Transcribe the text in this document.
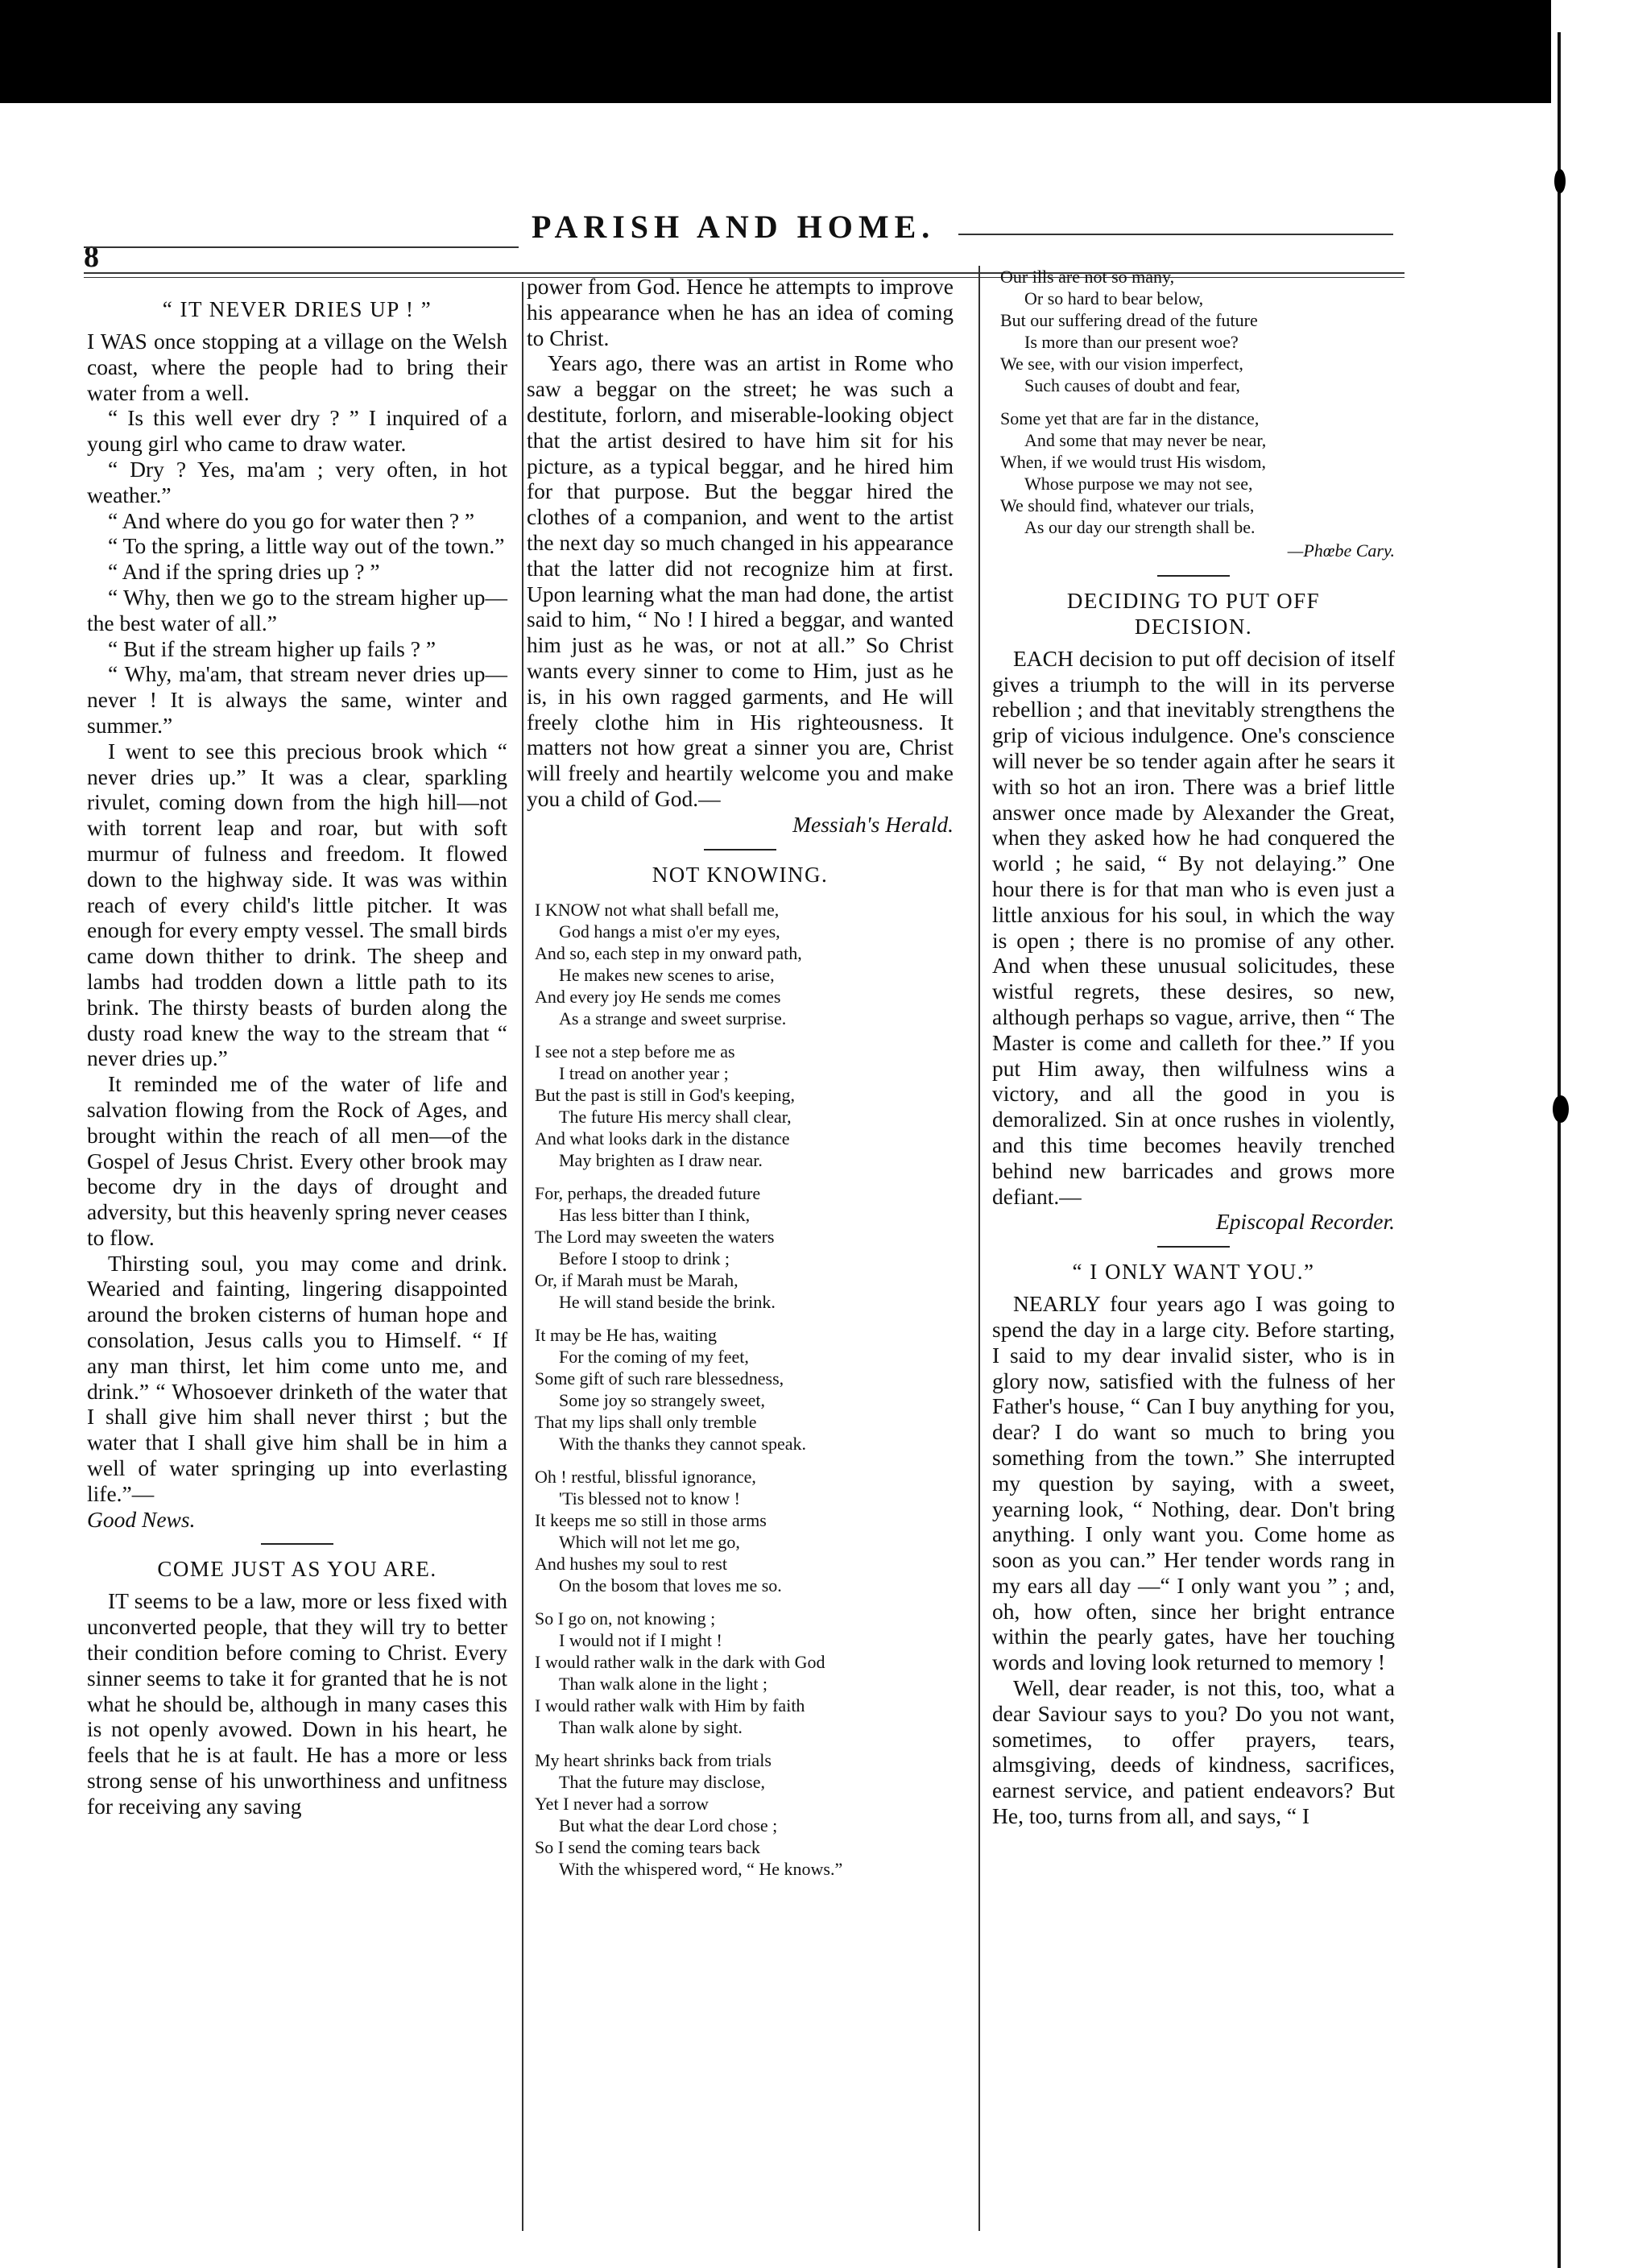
8
PARISH AND HOME.
“ IT NEVER DRIES UP ! ”

I WAS once stopping at a village on the Welsh coast, where the people had to bring their water from a well.

“ Is this well ever dry ? ” I inquired of a young girl who came to draw water.

“ Dry ? Yes, ma'am ; very often, in hot weather.”

“ And where do you go for water then ? ”

“ To the spring, a little way out of the town.”

“ And if the spring dries up ? ”

“ Why, then we go to the stream higher up—the best water of all.”

“ But if the stream higher up fails ? ”

“ Why, ma'am, that stream never dries up—never ! It is always the same, winter and summer.”

I went to see this precious brook which “ never dries up.” It was a clear, sparkling rivulet, coming down from the high hill—not with torrent leap and roar, but with soft murmur of fulness and freedom. It flowed down to the highway side. It was was within reach of every child's little pitcher. It was enough for every empty vessel. The small birds came down thither to drink. The sheep and lambs had trodden down a little path to its brink. The thirsty beasts of burden along the dusty road knew the way to the stream that “ never dries up.”

It reminded me of the water of life and salvation flowing from the Rock of Ages, and brought within the reach of all men—of the Gospel of Jesus Christ. Every other brook may become dry in the days of drought and adversity, but this heavenly spring never ceases to flow.

Thirsting soul, you may come and drink. Wearied and fainting, lingering disappointed around the broken cisterns of human hope and consolation, Jesus calls you to Himself. “ If any man thirst, let him come unto me, and drink.” “ Whosoever drinketh of the water that I shall give him shall never thirst ; but the water that I shall give him shall be in him a well of water springing up into everlasting life.”—

Good News.

COME JUST AS YOU ARE.

IT seems to be a law, more or less fixed with unconverted people, that they will try to better their condition before coming to Christ. Every sinner seems to take it for granted that he is not what he should be, although in many cases this is not openly avowed. Down in his heart, he feels that he is at fault. He has a more or less strong sense of his unworthiness and unfitness for receiving any saving

power from God. Hence he attempts to improve his appearance when he has an idea of coming to Christ.

Years ago, there was an artist in Rome who saw a beggar on the street; he was such a destitute, forlorn, and miserable-looking object that the artist desired to have him sit for his picture, as a typical beggar, and he hired him for that purpose. But the beggar hired the clothes of a companion, and went to the artist the next day so much changed in his appearance that the latter did not recognize him at first. Upon learning what the man had done, the artist said to him, “ No ! I hired a beggar, and wanted him just as he was, or not at all.” So Christ wants every sinner to come to Him, just as he is, in his own ragged garments, and He will freely clothe him in His righteousness. It matters not how great a sinner you are, Christ will freely and heartily welcome you and make you a child of God.—

Messiah's Herald.

NOT KNOWING.
I KNOW not what shall befall me,
God hangs a mist o'er my eyes,
And so, each step in my onward path,
He makes new scenes to arise,
And every joy He sends me comes
As a strange and sweet surprise.
I see not a step before me as
I tread on another year ;
But the past is still in God's keeping,
The future His mercy shall clear,
And what looks dark in the distance
May brighten as I draw near.
For, perhaps, the dreaded future
Has less bitter than I think,
The Lord may sweeten the waters
Before I stoop to drink ;
Or, if Marah must be Marah,
He will stand beside the brink.
It may be He has, waiting
For the coming of my feet,
Some gift of such rare blessedness,
Some joy so strangely sweet,
That my lips shall only tremble
With the thanks they cannot speak.
Oh ! restful, blissful ignorance,
'Tis blessed not to know !
It keeps me so still in those arms
Which will not let me go,
And hushes my soul to rest
On the bosom that loves me so.
So I go on, not knowing ;
I would not if I might !
I would rather walk in the dark with God
Than walk alone in the light ;
I would rather walk with Him by faith
Than walk alone by sight.
My heart shrinks back from trials
That the future may disclose,
Yet I never had a sorrow
But what the dear Lord chose ;
So I send the coming tears back
With the whispered word, “ He knows.”
Our ills are not so many,
Or so hard to bear below,
But our suffering dread of the future
Is more than our present woe?
We see, with our vision imperfect,
Such causes of doubt and fear,
Some yet that are far in the distance,
And some that may never be near,
When, if we would trust His wisdom,
Whose purpose we may not see,
We should find, whatever our trials,
As our day our strength shall be.

—Phœbe Cary.

DECIDING TO PUT OFF
DECISION.

EACH decision to put off decision of itself gives a triumph to the will in its perverse rebellion ; and that inevitably strengthens the grip of vicious indulgence. One's conscience will never be so tender again after he sears it with so hot an iron. There was a brief little answer once made by Alexander the Great, when they asked how he had conquered the world ; he said, “ By not delaying.” One hour there is for that man who is even just a little anxious for his soul, in which the way is open ; there is no promise of any other. And when these unusual solicitudes, these wistful regrets, these desires, so new, although perhaps so vague, arrive, then “ The Master is come and calleth for thee.” If you put Him away, then wilfulness wins a victory, and all the good in you is demoralized. Sin at once rushes in violently, and this time becomes heavily trenched behind new barricades and grows more defiant.—

Episcopal Recorder.

“ I ONLY WANT YOU.”

NEARLY four years ago I was going to spend the day in a large city. Before starting, I said to my dear invalid sister, who is in glory now, satisfied with the fulness of her Father's house, “ Can I buy anything for you, dear? I do want so much to bring you something from the town.” She interrupted my question by saying, with a sweet, yearning look, “ Nothing, dear. Don't bring anything. I only want you. Come home as soon as you can.” Her tender words rang in my ears all day —“ I only want you ” ; and, oh, how often, since her bright entrance within the pearly gates, have her touching words and loving look returned to memory !

Well, dear reader, is not this, too, what a dear Saviour says to you? Do you not want, sometimes, to offer prayers, tears, almsgiving, deeds of kindness, sacrifices, earnest service, and patient endeavors? But He, too, turns from all, and says, “ I
